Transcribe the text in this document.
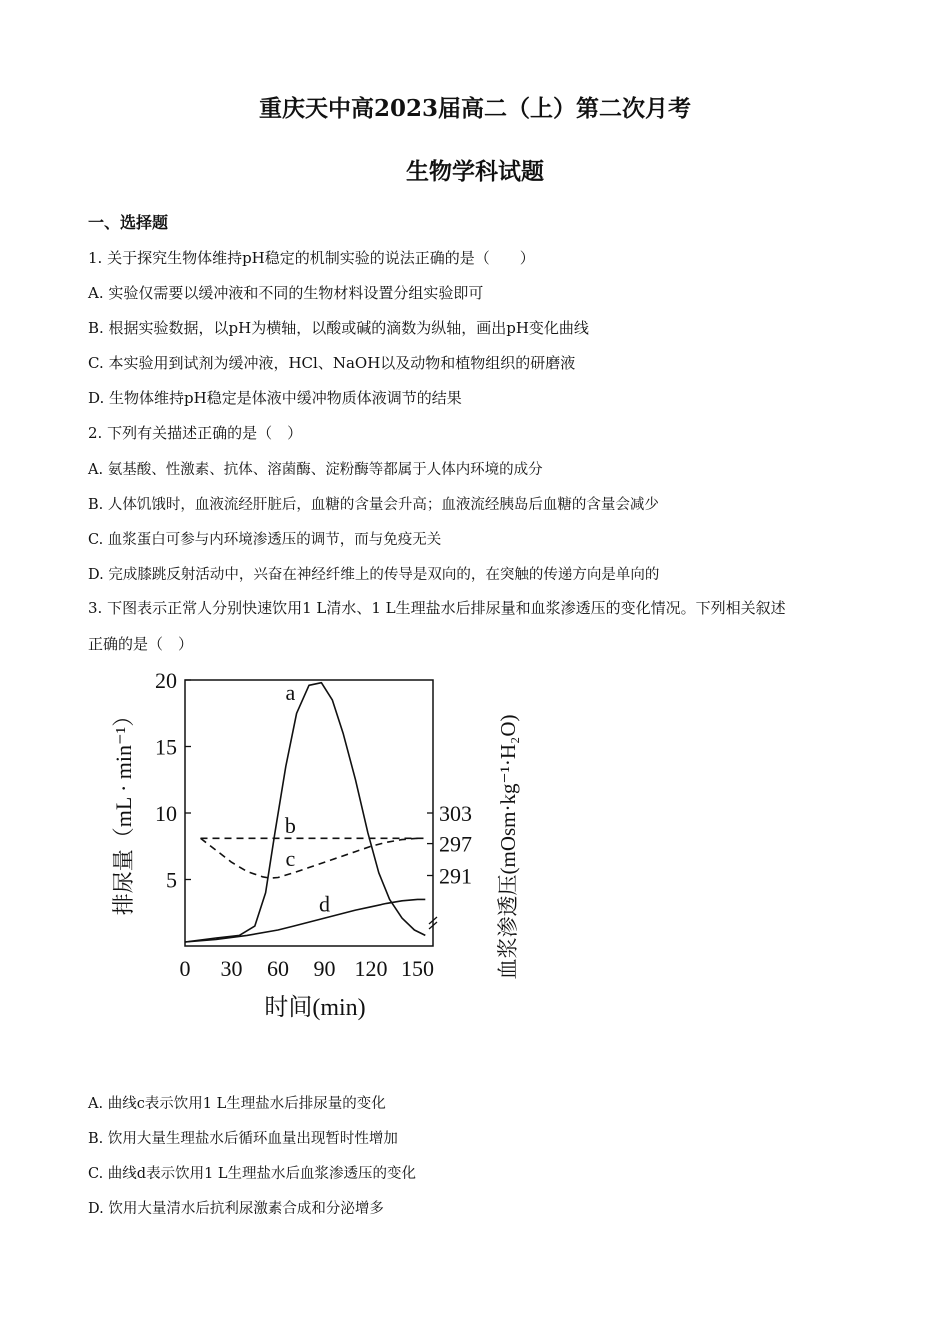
重庆天中高2023届高二（上）第二次月考
生物学科试题
一、选择题
1. 关于探究生物体维持pH稳定的机制实验的说法正确的是（　　）
A. 实验仅需要以缓冲液和不同的生物材料设置分组实验即可
B. 根据实验数据，以pH为横轴，以酸或碱的滴数为纵轴，画出pH变化曲线
C. 本实验用到试剂为缓冲液，HCl、NaOH以及动物和植物组织的研磨液
D. 生物体维持pH稳定是体液中缓冲物质体液调节的结果
2. 下列有关描述正确的是（　）
A. 氨基酸、性激素、抗体、溶菌酶、淀粉酶等都属于人体内环境的成分
B. 人体饥饿时，血液流经肝脏后，血糖的含量会升高；血液流经胰岛后血糖的含量会减少
C. 血浆蛋白可参与内环境渗透压的调节，而与免疫无关
D. 完成膝跳反射活动中，兴奋在神经纤维上的传导是双向的，在突触的传递方向是单向的
3. 下图表示正常人分别快速饮用1 L清水、1 L生理盐水后排尿量和血浆渗透压的变化情况。下列相关叙述
正确的是（　）
0 30 60 90 120 150
5
10
15
20
291
297
303
a
b
c
d
时间(min)
排尿量（mL · min⁻¹）	血浆渗透压(mOsm·kg⁻¹·H₂O)
A. 曲线c表示饮用1 L生理盐水后排尿量的变化
B. 饮用大量生理盐水后循环血量出现暂时性增加
C. 曲线d表示饮用1 L生理盐水后血浆渗透压的变化
D. 饮用大量清水后抗利尿激素合成和分泌增多
